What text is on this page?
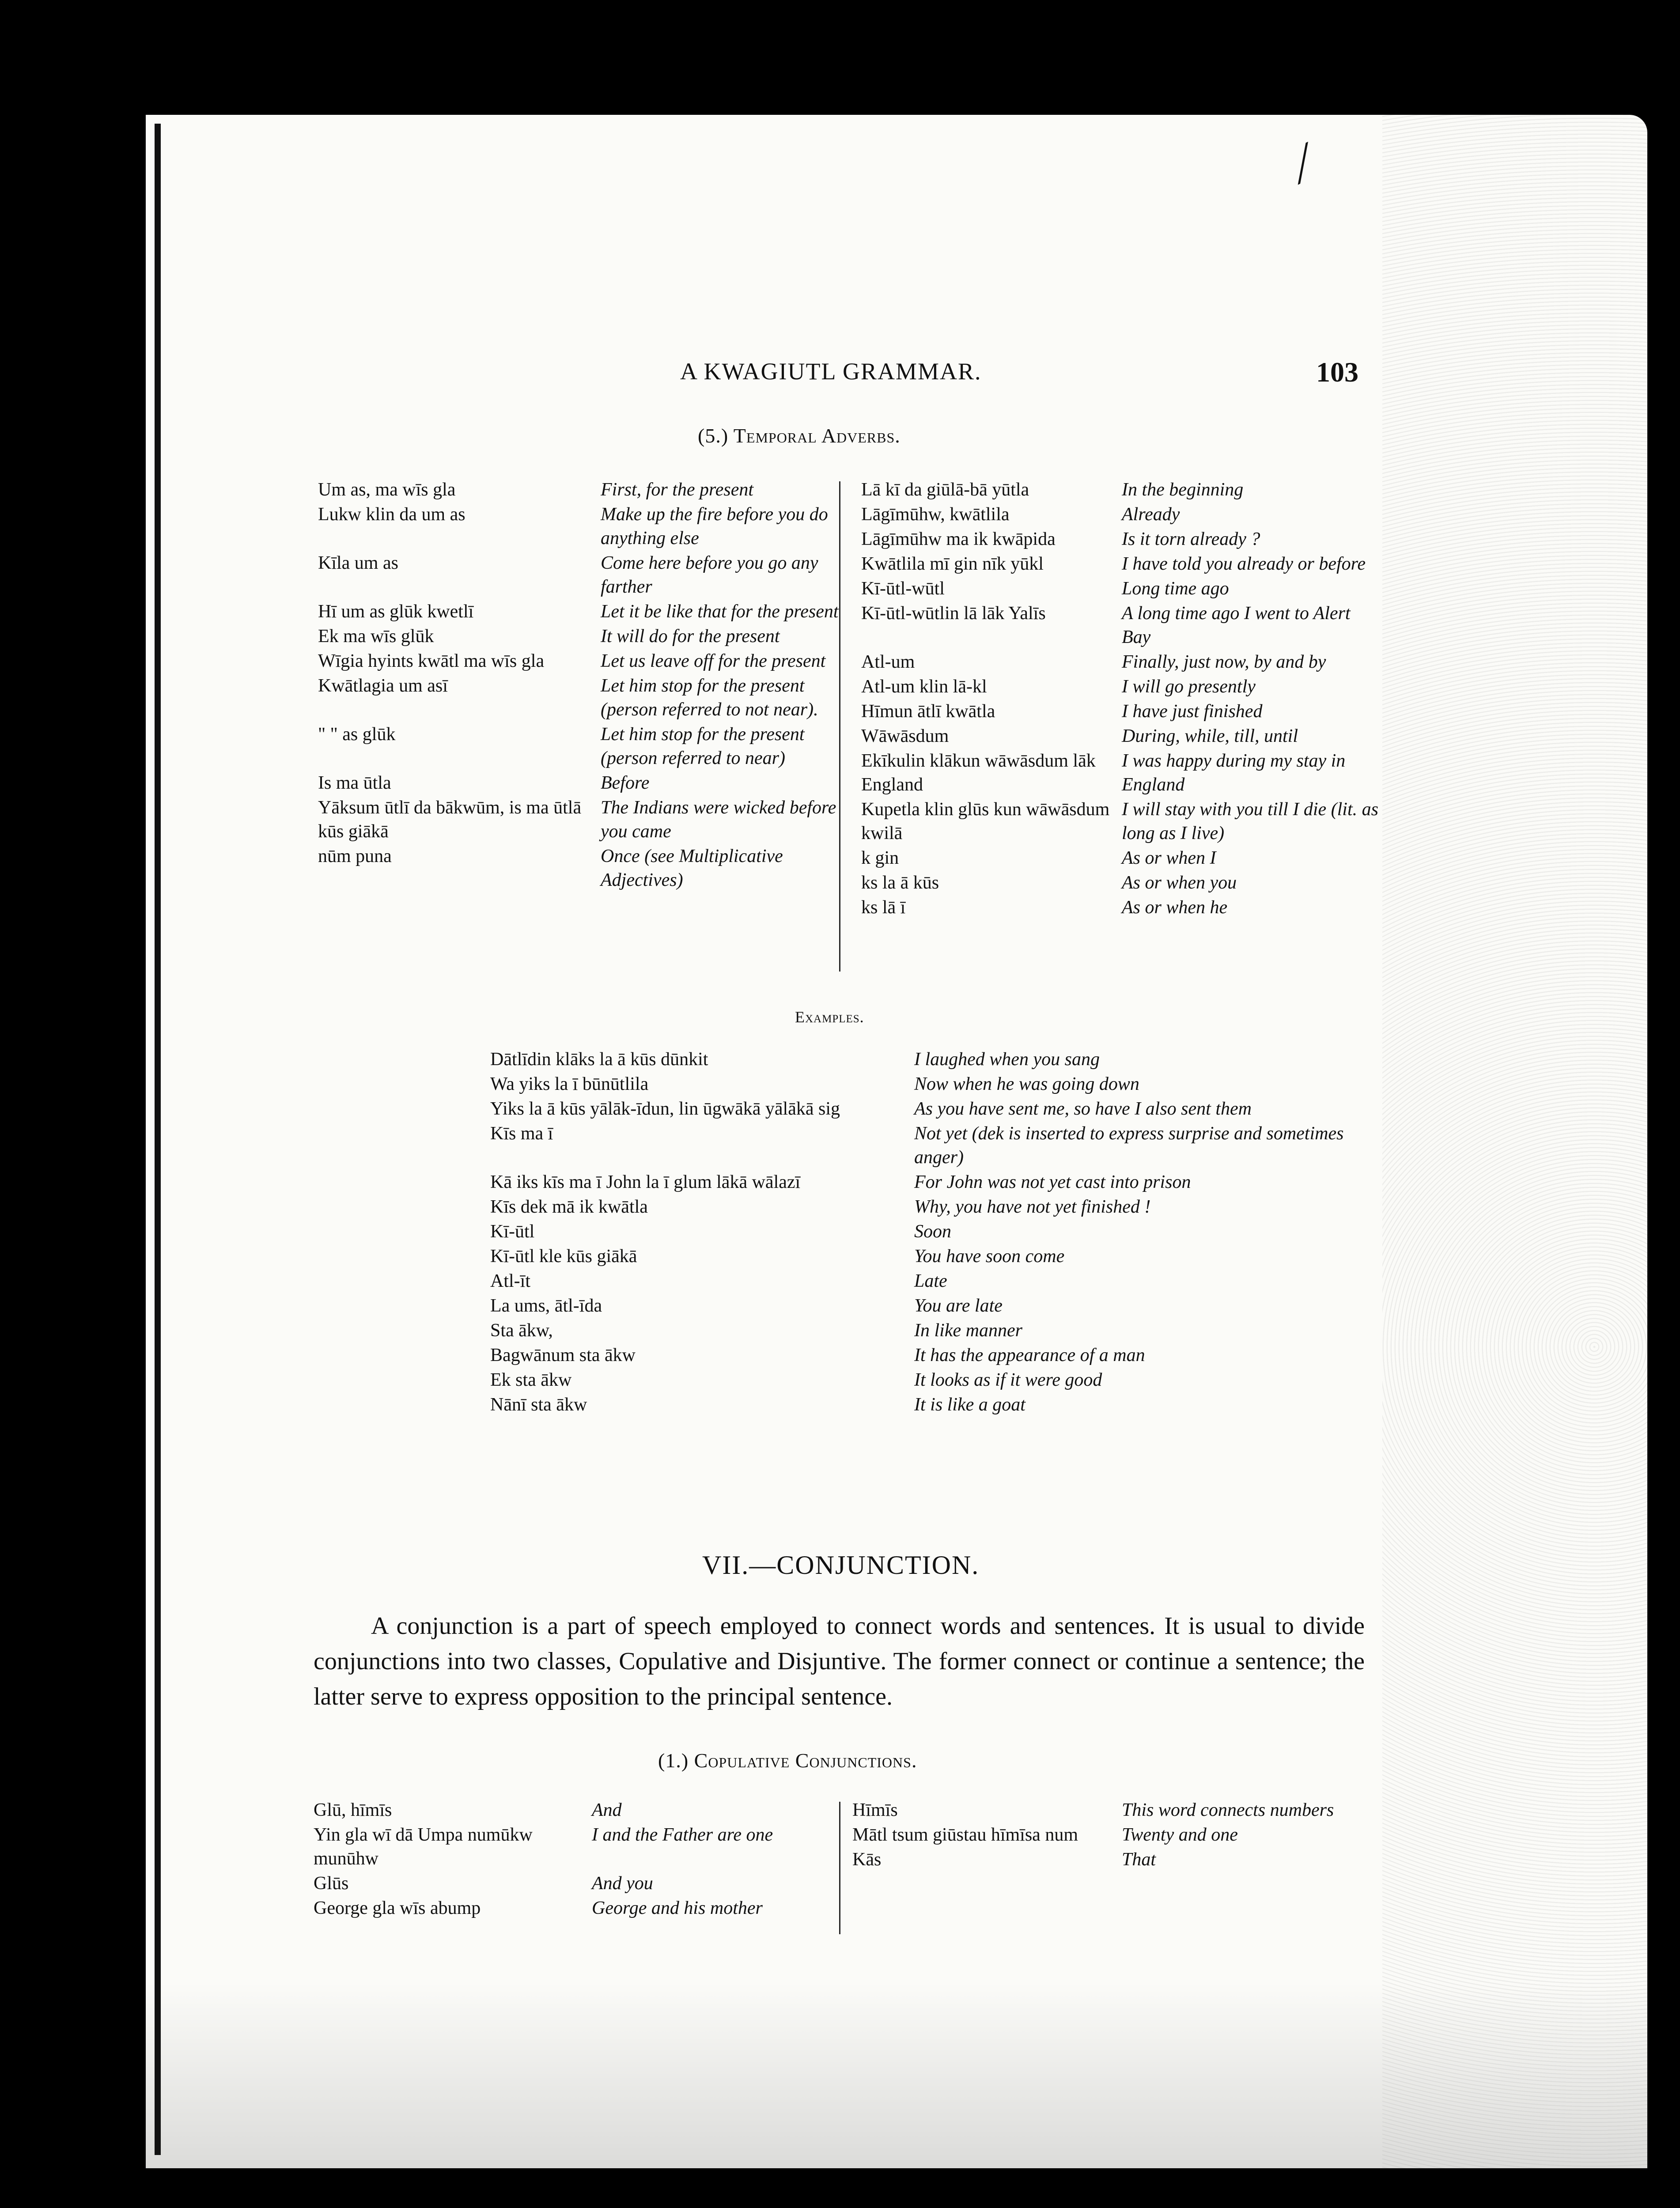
⁄
A KWAGIUTL GRAMMAR.	103
(5.) Temporal Adverbs.
Um as, ma wīs gla	First, for the present
Lukw klin da um as	Make up the fire before you do anything else
Kīla um as	Come here before you go any farther
Hī um as glūk kwetlī	Let it be like that for the present
Ek ma wīs glūk	It will do for the present
Wīgia hyints kwātl ma wīs gla	Let us leave off for the present
Kwātlagia um asī	Let him stop for the present (person referred to not near).
" " as glūk	Let him stop for the present (person referred to near)
Is ma ūtla	Before
Yāksum ūtlī da bākwūm, is ma ūtlā kūs giākā	The Indians were wicked before you came
nūm puna	Once (see Multiplicative Adjectives)
Lā kī da giūlā-bā yūtla	In the beginning
Lāgīmūhw, kwātlila	Already
Lāgīmūhw ma ik kwāpida	Is it torn already ?
Kwātlila mī gin nīk yūkl	I have told you already or before
Kī-ūtl-wūtl	Long time ago
Kī-ūtl-wūtlin lā lāk Yalīs	A long time ago I went to Alert Bay
Atl-um	Finally, just now, by and by
Atl-um klin lā-kl	I will go presently
Hīmun ātlī kwātla	I have just finished
Wāwāsdum	During, while, till, until
Ekīkulin klākun wāwāsdum lāk England	I was happy during my stay in England
Kupetla klin glūs kun wāwāsdum kwilā	I will stay with you till I die (lit. as long as I live)
k gin	As or when I
ks la ā kūs	As or when you
ks lā ī	As or when he
Examples.
Dātlīdin klāks la ā kūs dūnkit	I laughed when you sang
Wa yiks la ī būnūtlila	Now when he was going down
Yiks la ā kūs yālāk-īdun, lin ūgwākā yālākā sig	As you have sent me, so have I also sent them
Kīs ma ī	Not yet (dek is inserted to express surprise and sometimes anger)
Kā iks kīs ma ī John la ī glum lākā wālazī	For John was not yet cast into prison
Kīs dek mā ik kwātla	Why, you have not yet finished !
Kī-ūtl	Soon
Kī-ūtl kle kūs giākā	You have soon come
Atl-īt	Late
La ums, ātl-īda	You are late
Sta ākw,	In like manner
Bagwānum sta ākw	It has the appearance of a man
Ek sta ākw	It looks as if it were good
Nānī sta ākw	It is like a goat
VII.—CONJUNCTION.
A conjunction is a part of speech employed to connect words and sentences. It is usual to divide conjunctions into two classes, Copulative and Disjuntive. The former connect or continue a sentence; the latter serve to express opposition to the principal sentence.
(1.) Copulative Conjunctions.
Glū, hīmīs	And
Yin gla wī dā Umpa numūkw munūhw	I and the Father are one
Glūs	And you
George gla wīs abump	George and his mother
Hīmīs	This word connects numbers
Mātl tsum giūstau hīmīsa num	Twenty and one
Kās	That
